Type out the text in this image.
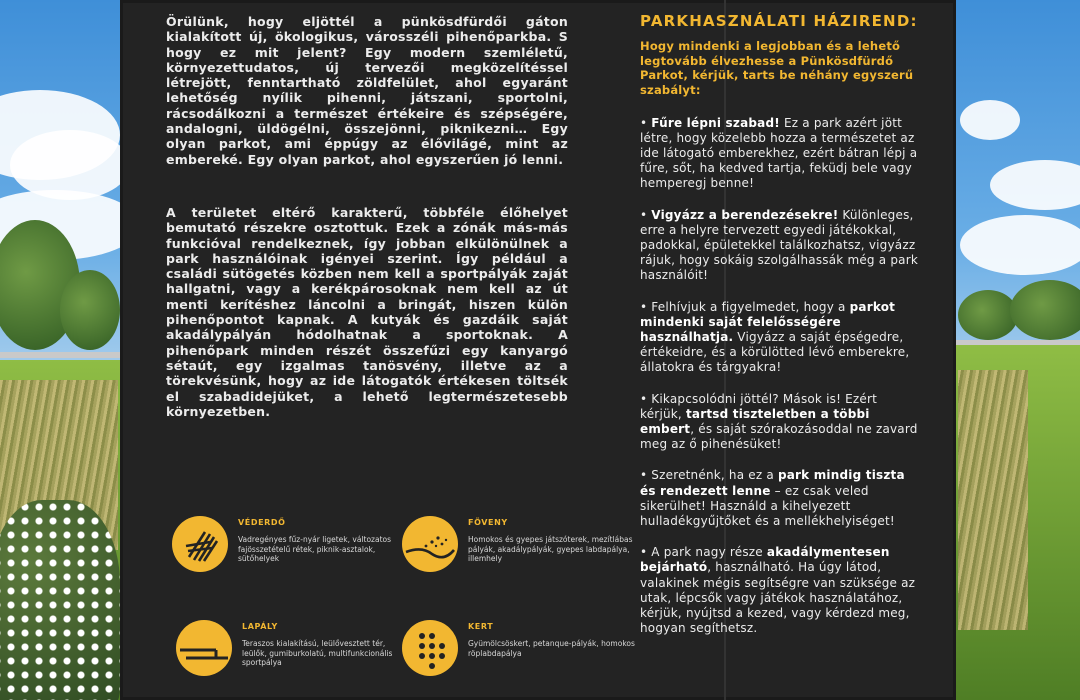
Örülünk, hogy eljöttél a pünkösdfürdői gáton kialakított új, ökologikus, városszéli pihenőparkba. S hogy ez mit jelent? Egy modern szemléletű, környezettudatos, új tervezői megközelítéssel létrejött, fenntartható zöldfelület, ahol egyaránt lehetőség nyílik pihenni, játszani, sportolni, rácsodálkozni a természet értékeire és szépségére, andalogni, üldögélni, összejönni, piknikezni… Egy olyan parkot, ami éppúgy az élővilágé, mint az embereké. Egy olyan parkot, ahol egyszerűen jó lenni.

A területet eltérő karakterű, többféle élőhelyet bemutató részekre osztottuk. Ezek a zónák más-más funkcióval rendelkeznek, így jobban elkülönülnek a park használóinak igényei szerint. Így például a családi sütögetés közben nem kell a sportpályák zaját hallgatni, vagy a kerékpárosoknak nem kell az út menti kerítéshez láncolni a bringát, hiszen külön pihenőpontot kapnak. A kutyák és gazdáik saját akadálypályán hódolhatnak a sportoknak. A pihenőpark minden részét összefűzi egy kanyargó sétaút, egy izgalmas tanösvény, illetve az a törekvésünk, hogy az ide látogatók értékesen töltsék el szabadidejüket, a lehető legtermészetesebb környezetben.

VÉDERDŐ
Vadregényes fűz-nyár ligetek, változatos fajösszetételű rétek, piknik-asztalok, sütőhelyek
FÖVENY
Homokos és gyepes játszóterek, mezítlábas pályák, akadálypályák, gyepes labdapálya, illemhely
LAPÁLY
Teraszos kialakítású, leülővesztett tér, leülők, gumiburkolatú, multifunkcionális sportpálya
KERT
Gyümölcsöskert, petanque-pályák, homokos röplabdapálya
PARKHASZNÁLATI HÁZIREND:
Hogy mindenki a legjobban és a lehető legtovább élvezhesse a Pünkösdfürdő Parkot, kérjük, tarts be néhány egyszerű szabályt:
• Fűre lépni szabad! Ez a park azért jött létre, hogy közelebb hozza a természetet az ide látogató emberekhez, ezért bátran lépj a fűre, sőt, ha kedved tartja, feküdj bele vagy hemperegj benne!
• Vigyázz a berendezésekre! Különleges, erre a helyre tervezett egyedi játékokkal, padokkal, épületekkel találkozhatsz, vigyázz rájuk, hogy sokáig szolgálhassák még a park használóit!
• Felhívjuk a figyelmedet, hogy a parkot mindenki saját felelősségére használhatja. Vigyázz a saját épségedre, értékeidre, és a körülötted lévő emberekre, állatokra és tárgyakra!
• Kikapcsolódni jöttél? Mások is! Ezért kérjük, tartsd tiszteletben a többi embert, és saját szórakozásoddal ne zavard meg az ő pihenésüket!
• Szeretnénk, ha ez a park mindig tiszta és rendezett lenne – ez csak veled sikerülhet! Használd a kihelyezett hulladékgyűjtőket és a mellékhelyiséget!
• A park nagy része akadálymentesen bejárható, használható. Ha úgy látod, valakinek mégis segítségre van szüksége az utak, lépcsők vagy játékok használatához, kérjük, nyújtsd a kezed, vagy kérdezd meg, hogyan segíthetsz.
